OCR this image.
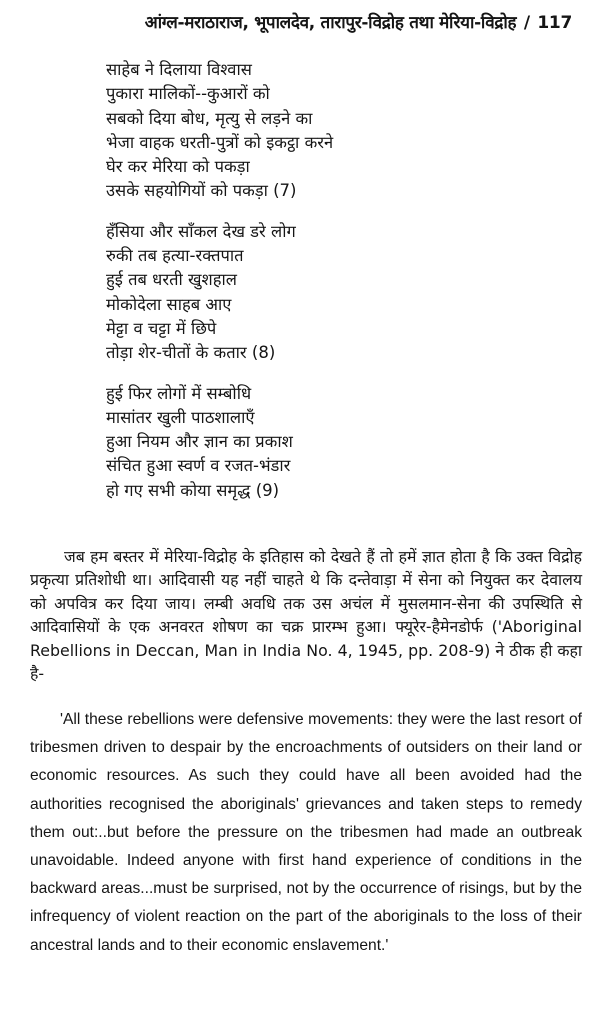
आंग्ल-मराठाराज, भूपालदेव, तारापुर-विद्रोह तथा मेरिया-विद्रोह / 117
साहेब ने दिलाया विश्वास
पुकारा मालिकों--कुआरों को
सबको दिया बोध, मृत्यु से लड़ने का
भेजा वाहक धरती-पुत्रों को इकट्ठा करने
घेर कर मेरिया को पकड़ा
उसके सहयोगियों को पकड़ा (7)
हँसिया और साँकल देख डरे लोग
रुकी तब हत्या-रक्तपात
हुई तब धरती खुशहाल
मोकोदेला साहब आए
मेट्टा व चट्टा में छिपे
तोड़ा शेर-चीतों के कतार (8)
हुई फिर लोगों में सम्बोधि
मासांतर खुली पाठशालाएँ
हुआ नियम और ज्ञान का प्रकाश
संचित हुआ स्वर्ण व रजत-भंडार
हो गए सभी कोया समृद्ध (9)

जब हम बस्तर में मेरिया-विद्रोह के इतिहास को देखते हैं तो हमें ज्ञात होता है कि उक्त विद्रोह प्रकृत्या प्रतिशोधी था। आदिवासी यह नहीं चाहते थे कि दन्तेवाड़ा में सेना को नियुक्त कर देवालय को अपवित्र कर दिया जाय। लम्बी अवधि तक उस अचंल में मुसलमान-सेना की उपस्थिति से आदिवासियों के एक अनवरत शोषण का चक्र प्रारम्भ हुआ। फ्यूरेर-हैमेनडोर्फ ('Aboriginal Rebellions in Deccan, Man in India No. 4, 1945, pp. 208-9) ने ठीक ही कहा है-

'All these rebellions were defensive movements: they were the last resort of tribesmen driven to despair by the encroachments of outsiders on their land or economic resources. As such they could have all been avoided had the authorities recognised the aboriginals' grievances and taken steps to remedy them out:..but before the pressure on the tribesmen had made an outbreak unavoidable. Indeed anyone with first hand experience of conditions in the backward areas...must be surprised, not by the occurrence of risings, but by the infrequency of violent reaction on the part of the aboriginals to the loss of their ancestral lands and to their economic enslavement.'
